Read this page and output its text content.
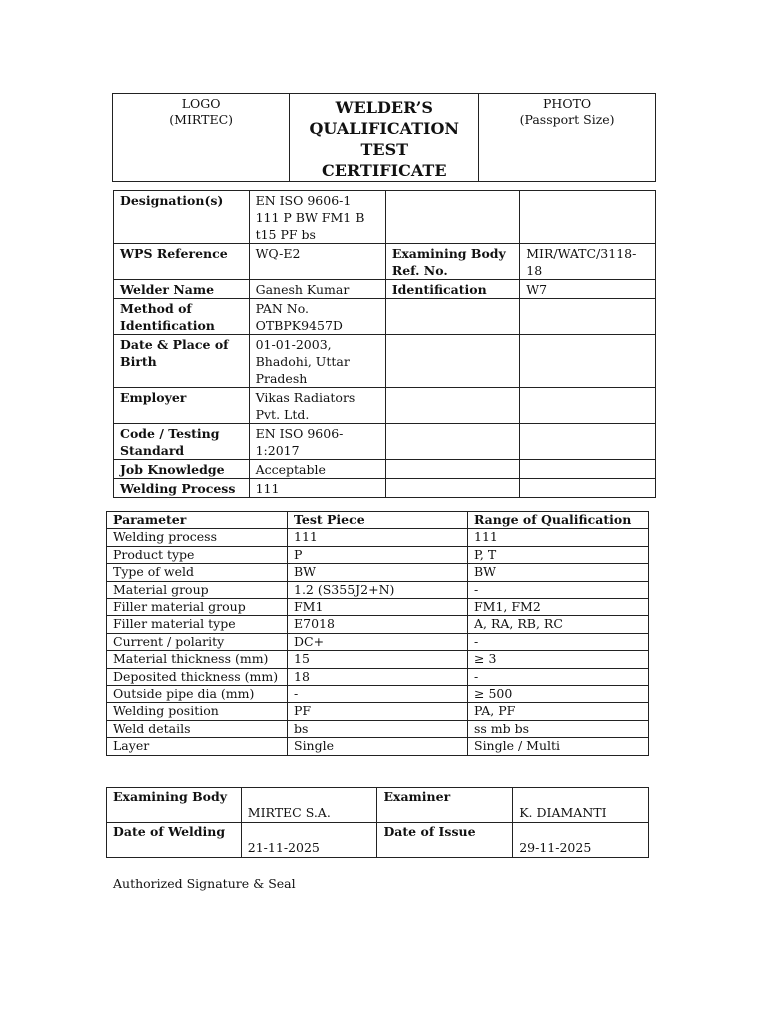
LOGO
(MIRTEC)

WELDER’S
QUALIFICATION
TEST CERTIFICATE

PHOTO
(Passport Size)
Designation(s)	EN ISO 9606-1 111 P BW FM1 B t15 PF bs		
WPS Reference	WQ-E2	Examining Body Ref. No.	MIR/WATC/3118-18
Welder Name	Ganesh Kumar	Identification	W7
Method of Identification	PAN No. OTBPK9457D		
Date & Place of Birth	01-01-2003, Bhadohi, Uttar Pradesh		
Employer	Vikas Radiators Pvt. Ltd.		
Code / Testing Standard	EN ISO 9606-1:2017		
Job Knowledge	Acceptable		
Welding Process	111		
Parameter	Test Piece	Range of Qualification
Welding process	111	111
Product type	P	P, T
Type of weld	BW	BW
Material group	1.2 (S355J2+N)	-
Filler material group	FM1	FM1, FM2
Filler material type	E7018	A, RA, RB, RC
Current / polarity	DC+	-
Material thickness (mm)	15	≥ 3
Deposited thickness (mm)	18	-
Outside pipe dia (mm)	-	≥ 500
Welding position	PF	PA, PF
Weld details	bs	ss mb bs
Layer	Single	Single / Multi
Examining Body	MIRTEC S.A.	Examiner	K. DIAMANTI
Date of Welding	21-11-2025	Date of Issue	29-11-2025
Authorized Signature & Seal
